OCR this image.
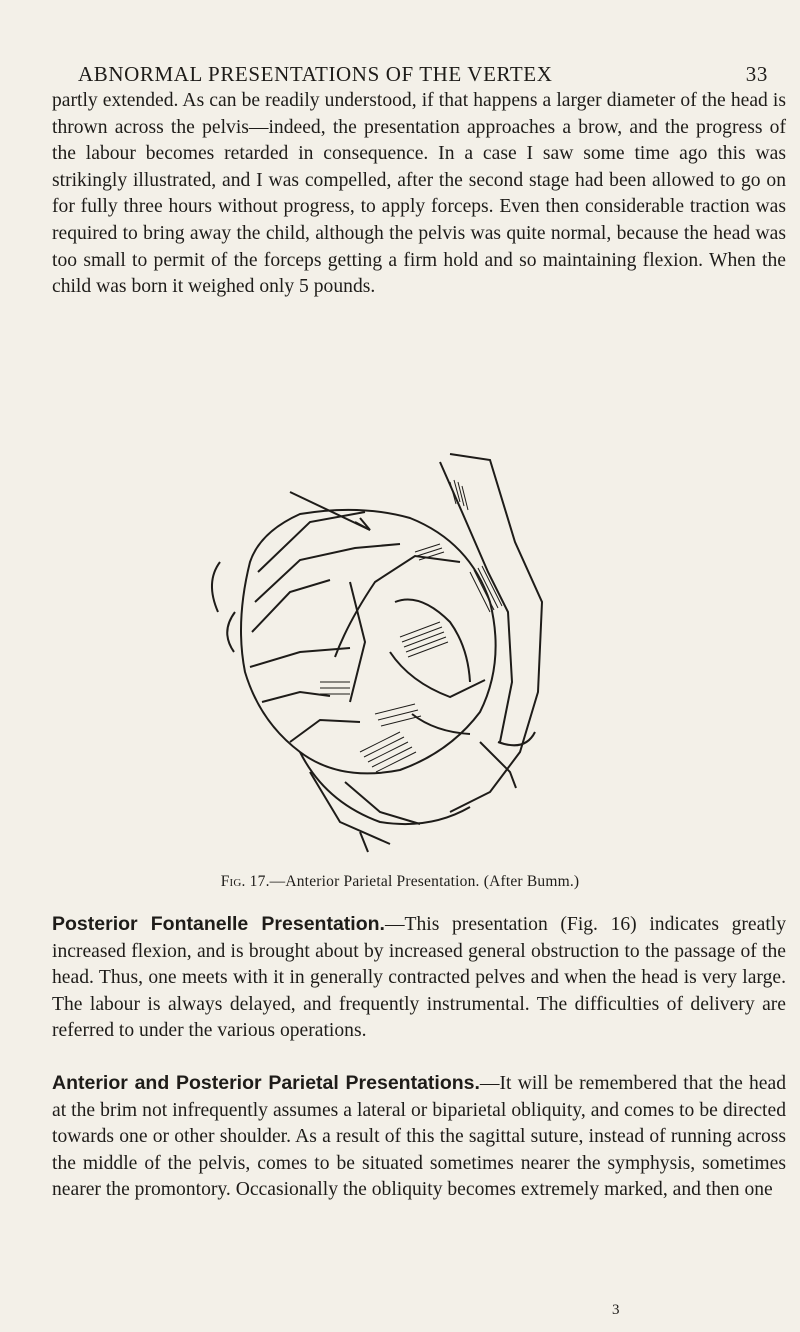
ABNORMAL PRESENTATIONS OF THE VERTEX	33

partly extended. As can be readily understood, if that happens a larger diameter of the head is thrown across the pelvis—indeed, the presentation approaches a brow, and the progress of the labour becomes retarded in consequence. In a case I saw some time ago this was strikingly illustrated, and I was compelled, after the second stage had been allowed to go on for fully three hours without progress, to apply forceps. Even then considerable traction was required to bring away the child, although the pelvis was quite normal, because the head was too small to permit of the forceps getting a firm hold and so maintaining flexion. When the child was born it weighed only 5 pounds.

Fig. 17.—Anterior Parietal Presentation. (After Bumm.)

Posterior Fontanelle Presentation.—This presentation (Fig. 16) indicates greatly increased flexion, and is brought about by increased general obstruction to the passage of the head. Thus, one meets with it in generally contracted pelves and when the head is very large. The labour is always delayed, and frequently instrumental. The difficulties of delivery are referred to under the various operations.

Anterior and Posterior Parietal Presentations.—It will be remembered that the head at the brim not infrequently assumes a lateral or biparietal obliquity, and comes to be directed towards one or other shoulder. As a result of this the sagittal suture, instead of running across the middle of the pelvis, comes to be situated sometimes nearer the symphysis, sometimes nearer the promontory. Occasionally the obliquity becomes extremely marked, and then one

3
